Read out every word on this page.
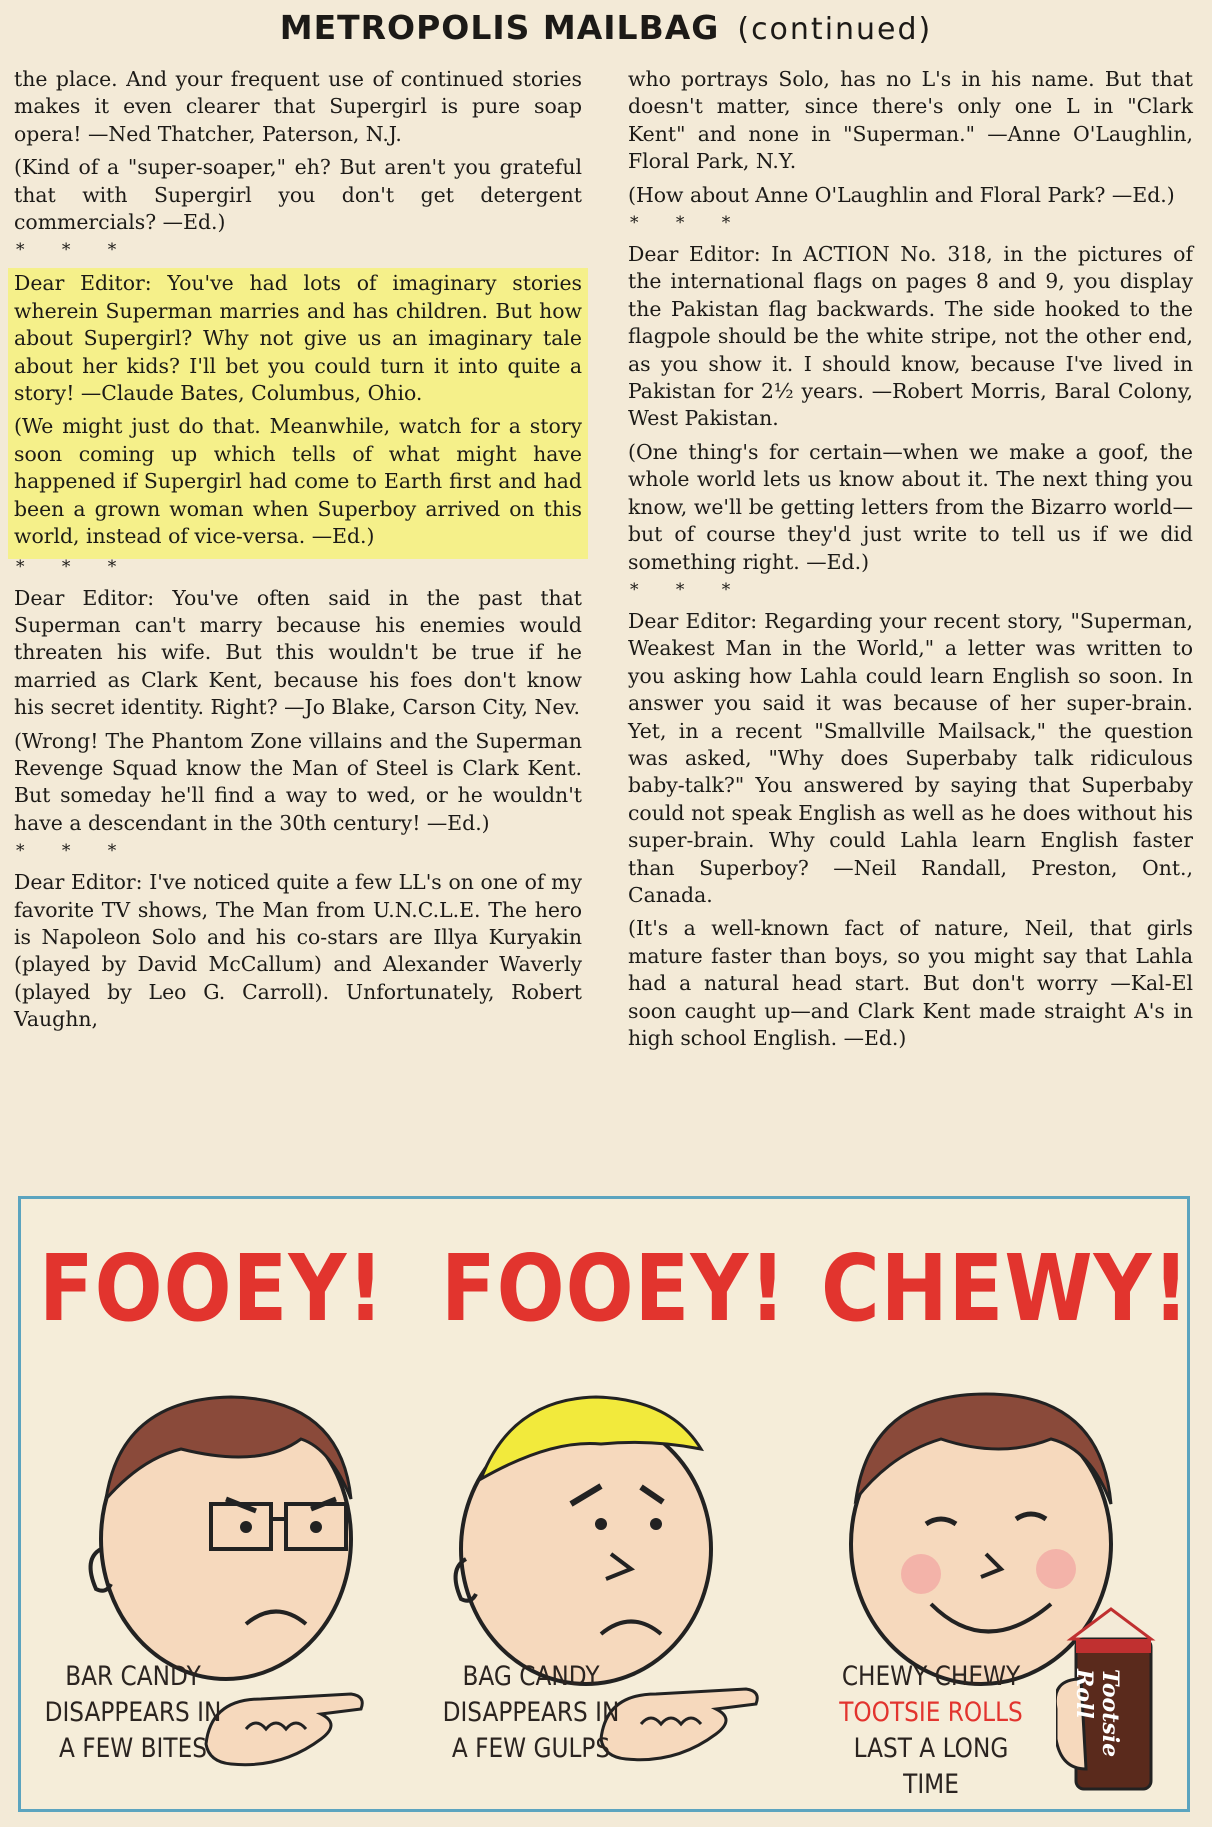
METROPOLIS MAILBAG (continued)

the place. And your frequent use of continued stories makes it even clearer that Supergirl is pure soap opera! —Ned Thatcher, Paterson, N.J.

(Kind of a "super-soaper," eh? But aren't you grateful that with Supergirl you don't get detergent commercials? —Ed.)

* * *

Dear Editor: You've had lots of imaginary stories wherein Superman marries and has children. But how about Supergirl? Why not give us an imaginary tale about her kids? I'll bet you could turn it into quite a story! —Claude Bates, Columbus, Ohio.

(We might just do that. Meanwhile, watch for a story soon coming up which tells of what might have happened if Supergirl had come to Earth first and had been a grown woman when Superboy arrived on this world, instead of vice-versa. —Ed.)

* * *

Dear Editor: You've often said in the past that Superman can't marry because his enemies would threaten his wife. But this wouldn't be true if he married as Clark Kent, because his foes don't know his secret identity. Right? —Jo Blake, Carson City, Nev.

(Wrong! The Phantom Zone villains and the Superman Revenge Squad know the Man of Steel is Clark Kent. But someday he'll find a way to wed, or he wouldn't have a descendant in the 30th century! —Ed.)

* * *

Dear Editor: I've noticed quite a few LL's on one of my favorite TV shows, The Man from U.N.C.L.E. The hero is Napoleon Solo and his co-stars are Illya Kuryakin (played by David McCallum) and Alexander Waverly (played by Leo G. Carroll). Unfortunately, Robert Vaughn,

who portrays Solo, has no L's in his name. But that doesn't matter, since there's only one L in "Clark Kent" and none in "Superman." —Anne O'Laughlin, Floral Park, N.Y.

(How about Anne O'Laughlin and Floral Park? —Ed.)

* * *

Dear Editor: In ACTION No. 318, in the pictures of the international flags on pages 8 and 9, you display the Pakistan flag backwards. The side hooked to the flagpole should be the white stripe, not the other end, as you show it. I should know, because I've lived in Pakistan for 2½ years. —Robert Morris, Baral Colony, West Pakistan.

(One thing's for certain—when we make a goof, the whole world lets us know about it. The next thing you know, we'll be getting letters from the Bizarro world—but of course they'd just write to tell us if we did something right. —Ed.)

* * *

Dear Editor: Regarding your recent story, "Superman, Weakest Man in the World," a letter was written to you asking how Lahla could learn English so soon. In answer you said it was because of her super-brain. Yet, in a recent "Smallville Mailsack," the question was asked, "Why does Superbaby talk ridiculous baby-talk?" You answered by saying that Superbaby could not speak English as well as he does without his super-brain. Why could Lahla learn English faster than Superboy? —Neil Randall, Preston, Ont., Canada.

(It's a well-known fact of nature, Neil, that girls mature faster than boys, so you might say that Lahla had a natural head start. But don't worry —Kal-El soon caught up—and Clark Kent made straight A's in high school English. —Ed.)

FOOEY! FOOEY! CHEWY!
Tootsie Roll
BAR CANDY
DISAPPEARS IN
A FEW BITES
BAG CANDY
DISAPPEARS IN
A FEW GULPS
CHEWY CHEWY
TOOTSIE ROLLS
LAST A LONG TIME
